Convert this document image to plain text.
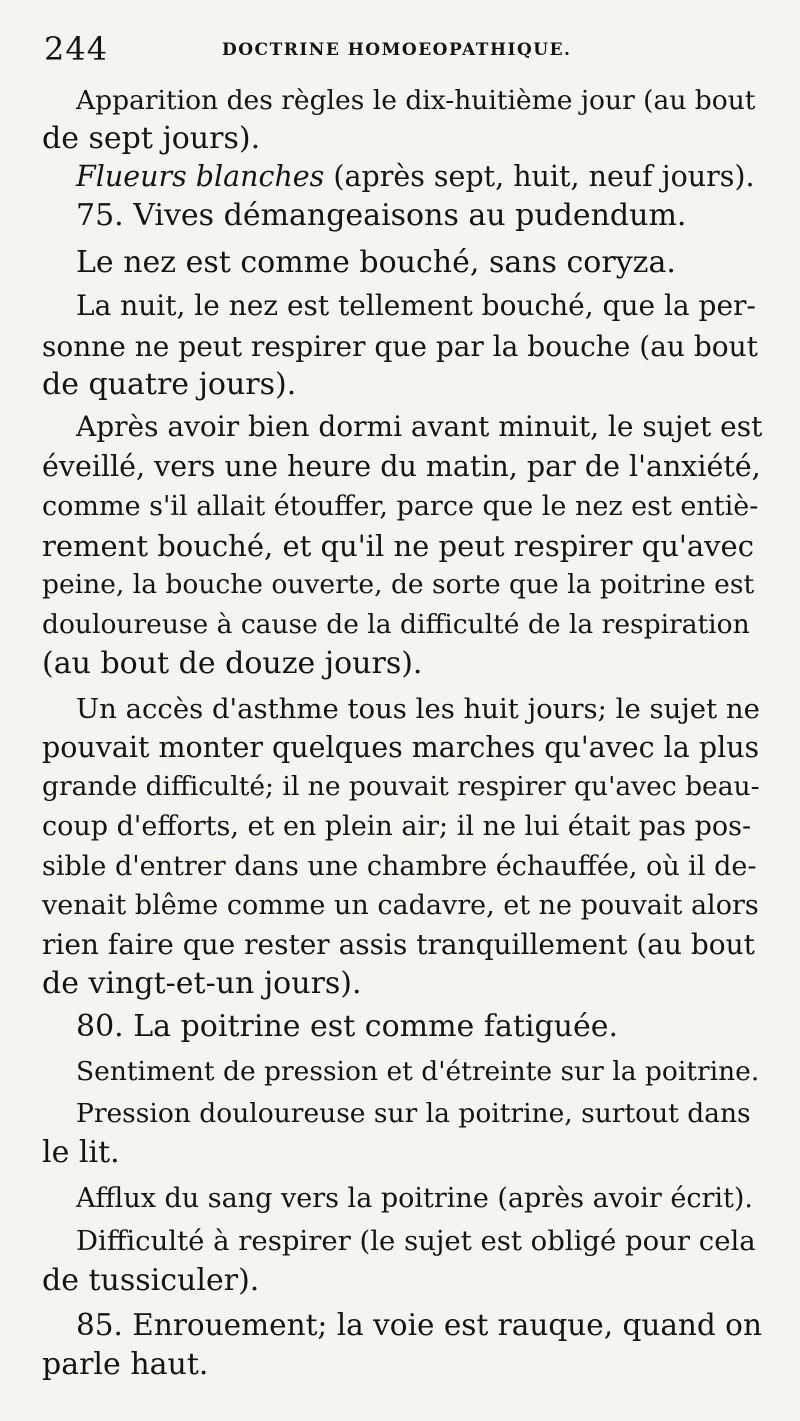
244	DOCTRINE HOMOEOPATHIQUE.
Apparition des règles le dix-huitième jour (au bout
de sept jours).
Flueurs blanches (après sept, huit, neuf jours).
75. Vives démangeaisons au pudendum.
Le nez est comme bouché, sans coryza.
La nuit, le nez est tellement bouché, que la per-
sonne ne peut respirer que par la bouche (au bout
de quatre jours).
Après avoir bien dormi avant minuit, le sujet est
éveillé, vers une heure du matin, par de l'anxiété,
comme s'il allait étouffer, parce que le nez est entiè-
rement bouché, et qu'il ne peut respirer qu'avec
peine, la bouche ouverte, de sorte que la poitrine est
douloureuse à cause de la difficulté de la respiration
(au bout de douze jours).
Un accès d'asthme tous les huit jours; le sujet ne
pouvait monter quelques marches qu'avec la plus
grande difficulté; il ne pouvait respirer qu'avec beau-
coup d'efforts, et en plein air; il ne lui était pas pos-
sible d'entrer dans une chambre échauffée, où il de-
venait blême comme un cadavre, et ne pouvait alors
rien faire que rester assis tranquillement (au bout
de vingt-et-un jours).
80. La poitrine est comme fatiguée.
Sentiment de pression et d'étreinte sur la poitrine.
Pression douloureuse sur la poitrine, surtout dans
le lit.
Afflux du sang vers la poitrine (après avoir écrit).
Difficulté à respirer (le sujet est obligé pour cela
de tussiculer).
85. Enrouement; la voie est rauque, quand on
parle haut.
